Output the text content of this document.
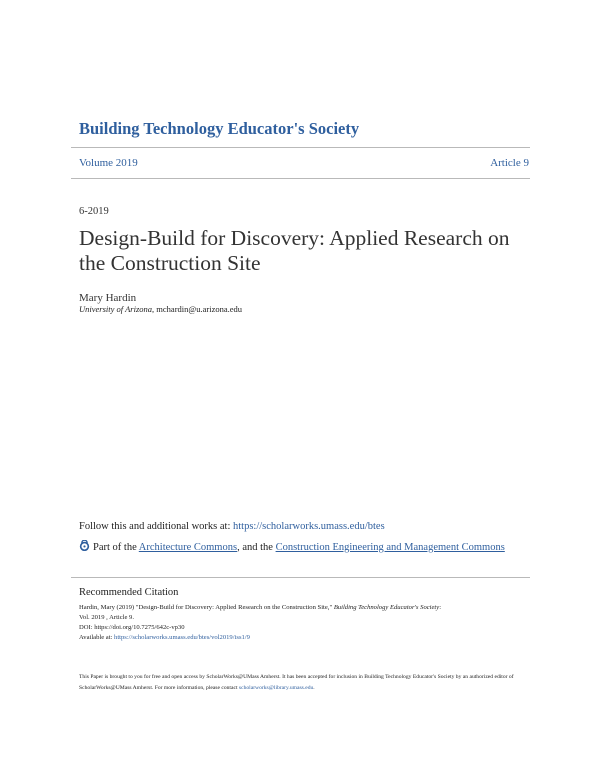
Building Technology Educator's Society
Volume 2019	Article 9
6-2019
Design-Build for Discovery: Applied Research on the Construction Site
Mary Hardin
University of Arizona, mchardin@u.arizona.edu
Follow this and additional works at: https://scholarworks.umass.edu/btes
Part of the Architecture Commons, and the Construction Engineering and Management Commons
Recommended Citation
Hardin, Mary (2019) "Design-Build for Discovery: Applied Research on the Construction Site," Building Technology Educator's Society:
Vol. 2019 , Article 9.
DOI: https://doi.org/10.7275/642c-vp30
Available at: https://scholarworks.umass.edu/btes/vol2019/iss1/9
This Paper is brought to you for free and open access by ScholarWorks@UMass Amherst. It has been accepted for inclusion in Building Technology Educator's Society by an authorized editor of ScholarWorks@UMass Amherst. For more information, please contact scholarworks@library.umass.edu.
